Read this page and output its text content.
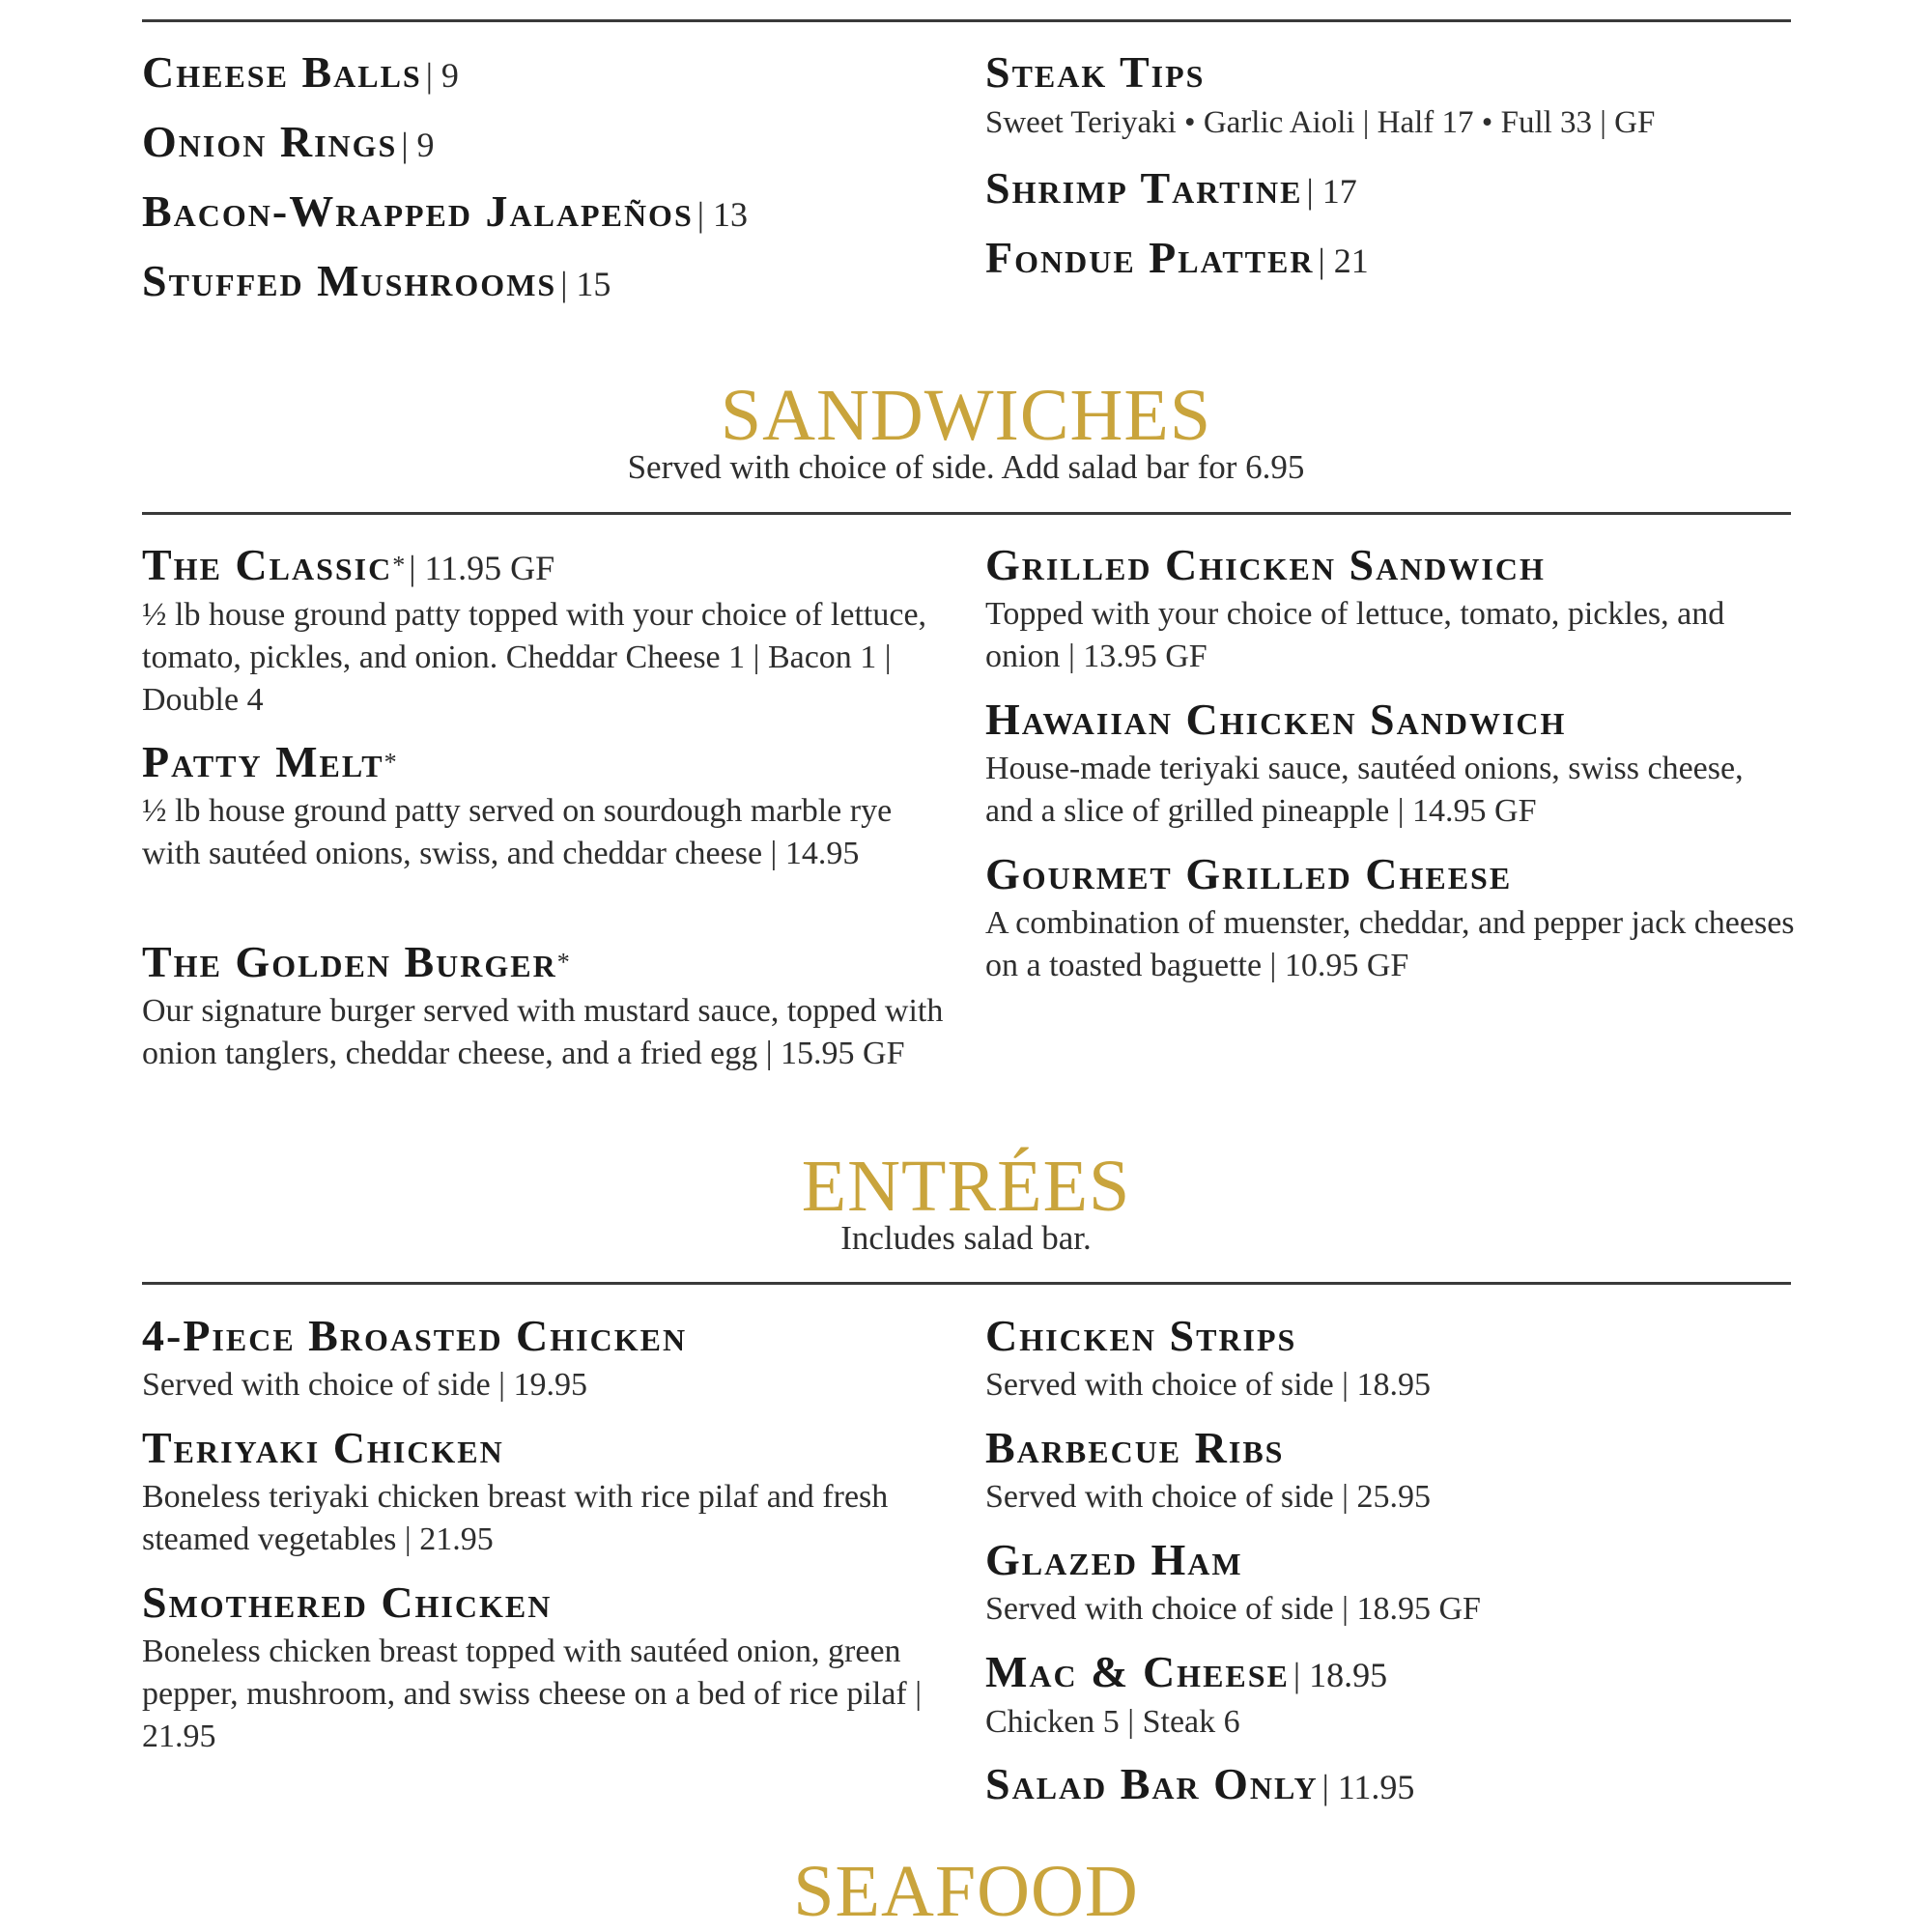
Cheese Balls | 9
Onion Rings | 9
Bacon-Wrapped Jalapeños | 13
Stuffed Mushrooms | 15
Steak Tips
Sweet Teriyaki • Garlic Aioli | Half 17 • Full 33 | GF
Shrimp Tartine | 17
Fondue Platter | 21
SANDWICHES
Served with choice of side. Add salad bar for 6.95
The Classic* | 11.95 GF
½ lb house ground patty topped with your choice of lettuce, tomato, pickles, and onion. Cheddar Cheese 1 | Bacon 1 | Double 4
Patty Melt*
½ lb house ground patty served on sourdough marble rye with sautéed onions, swiss, and cheddar cheese | 14.95
The Golden Burger*
Our signature burger served with mustard sauce, topped with onion tanglers, cheddar cheese, and a fried egg | 15.95 GF
Grilled Chicken Sandwich
Topped with your choice of lettuce, tomato, pickles, and onion | 13.95 GF
Hawaiian Chicken Sandwich
House-made teriyaki sauce, sautéed onions, swiss cheese, and a slice of grilled pineapple | 14.95 GF
Gourmet Grilled Cheese
A combination of muenster, cheddar, and pepper jack cheeses on a toasted baguette | 10.95 GF
ENTRÉES
Includes salad bar.
4-Piece Broasted Chicken
Served with choice of side | 19.95
Teriyaki Chicken
Boneless teriyaki chicken breast with rice pilaf and fresh steamed vegetables | 21.95
Smothered Chicken
Boneless chicken breast topped with sautéed onion, green pepper, mushroom, and swiss cheese on a bed of rice pilaf | 21.95
Chicken Strips
Served with choice of side | 18.95
Barbecue Ribs
Served with choice of side | 25.95
Glazed Ham
Served with choice of side | 18.95 GF
Mac & Cheese | 18.95
Chicken 5 | Steak 6
Salad Bar Only | 11.95
SEAFOOD
